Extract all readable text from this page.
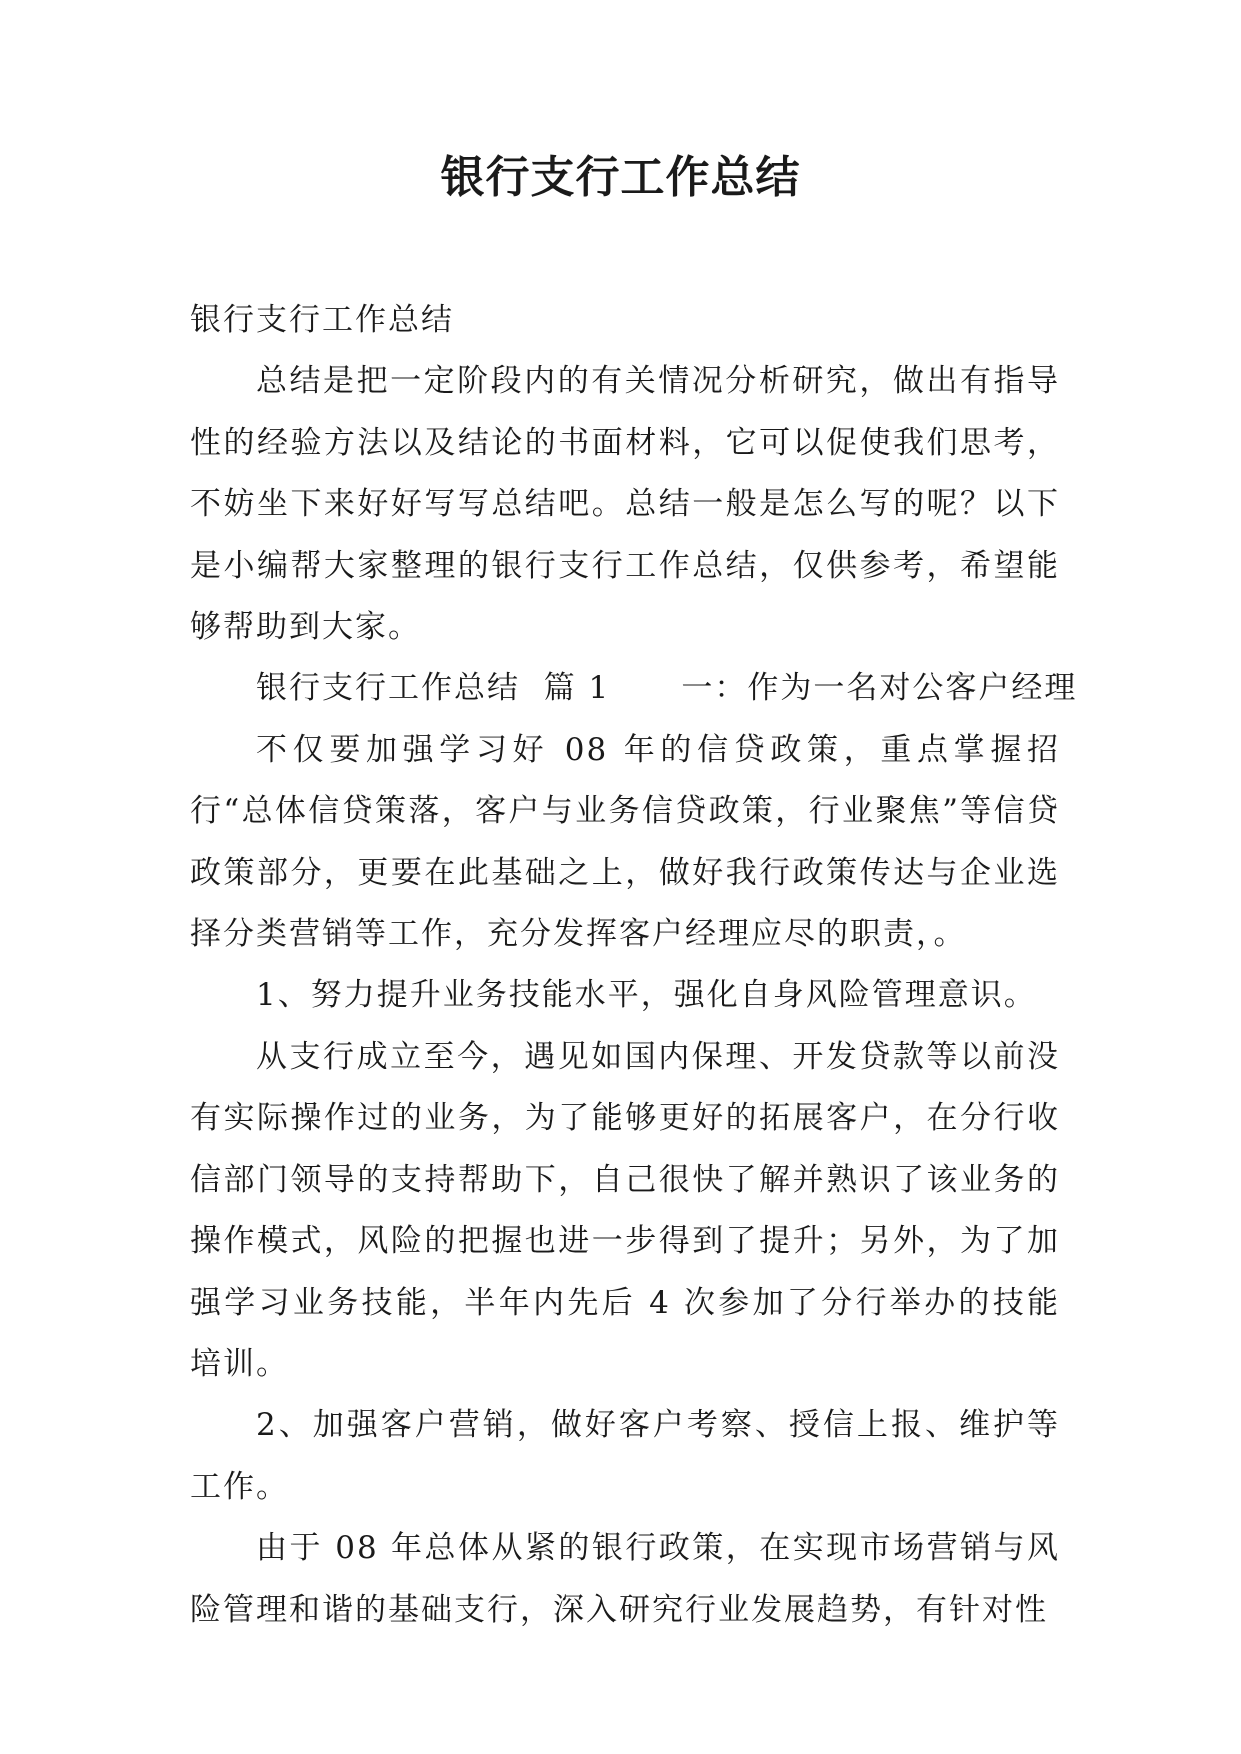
银行支行工作总结

银行支行工作总结

总结是把一定阶段内的有关情况分析研究，做出有指导性的经验方法以及结论的书面材料，它可以促使我们思考，不妨坐下来好好写写总结吧。总结一般是怎么写的呢？以下是小编帮大家整理的银行支行工作总结，仅供参考，希望能够帮助到大家。

银行支行工作总结  篇 1      一：作为一名对公客户经理

不仅要加强学习好 08 年的信贷政策，重点掌握招行“总体信贷策落，客户与业务信贷政策，行业聚焦”等信贷政策部分，更要在此基础之上，做好我行政策传达与企业选择分类营销等工作，充分发挥客户经理应尽的职责，。

1、努力提升业务技能水平，强化自身风险管理意识。

从支行成立至今，遇见如国内保理、开发贷款等以前没有实际操作过的业务，为了能够更好的拓展客户，在分行收信部门领导的支持帮助下，自己很快了解并熟识了该业务的操作模式，风险的把握也进一步得到了提升；另外，为了加强学习业务技能，半年内先后 4 次参加了分行举办的技能培训。

2、加强客户营销，做好客户考察、授信上报、维护等工作。

由于 08 年总体从紧的银行政策，在实现市场营销与风险管理和谐的基础支行，深入研究行业发展趋势，有针对性
